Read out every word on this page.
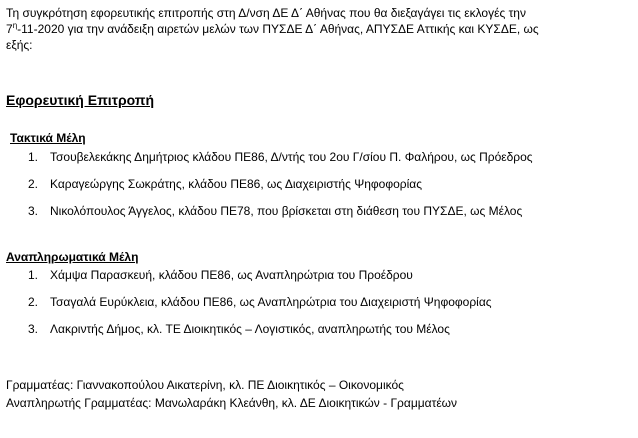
Τη συγκρότηση εφορευτικής επιτροπής στη Δ/νση ΔΕ Δ΄ Αθήνας που θα διεξαγάγει τις εκλογές την

$7^\eta-11-2020$ για την ανάδειξη αιρετών μελών των ΠΥΣΔΕ Δ΄ Αθήνας, ΑΠΥΣΔΕ Αττικής και ΚΥΣΔΕ, ως

εξής:

Εφορευτική Επιτροπή
Τακτικά Μέλη
1. Τσουβελεκάκης Δημήτριος κλάδου ΠΕ86, Δ/ντής του 2ου Γ/σίου Π. Φαλήρου, ως Πρόεδρος
2. Καραγεώργης Σωκράτης, κλάδου ΠΕ86, ως Διαχειριστής Ψηφοφορίας
3. Νικολόπουλος Άγγελος, κλάδου ΠΕ78, που βρίσκεται στη διάθεση του ΠΥΣΔΕ, ως Μέλος
Αναπληρωματικά Μέλη
1. Χάμψα Παρασκευή, κλάδου ΠΕ86, ως Αναπληρώτρια του Προέδρου
2. Τσαγαλά Ευρύκλεια, κλάδου ΠΕ86, ως Αναπληρώτρια του Διαχειριστή Ψηφοφορίας
3. Λακριντής Δήμος, κλ. ΤΕ Διοικητικός – Λογιστικός, αναπληρωτής του Μέλος

Γραμματέας: Γιαννακοπούλου Αικατερίνη, κλ. ΠΕ Διοικητικός – Οικονομικός

Αναπληρωτής Γραμματέας: Μανωλαράκη Κλεάνθη, κλ. ΔΕ Διοικητικών - Γραμματέων
